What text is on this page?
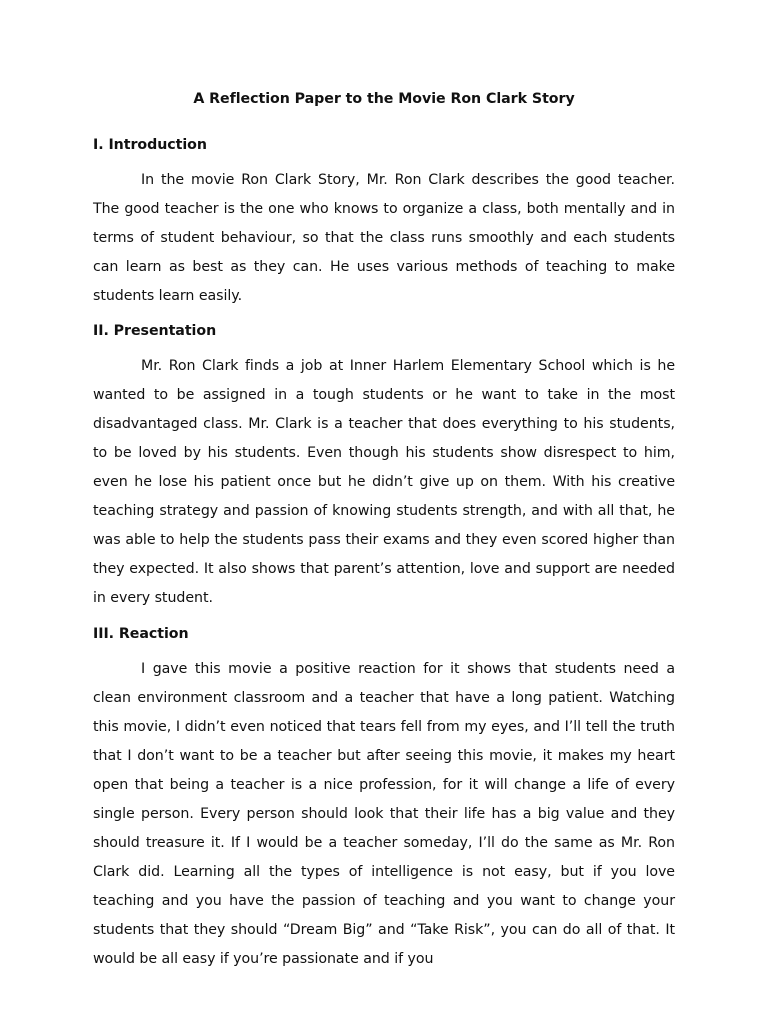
A Reflection Paper to the Movie Ron Clark Story
I. Introduction

In the movie Ron Clark Story, Mr. Ron Clark describes the good teacher. The good teacher is the one who knows to organize a class, both mentally and in terms of student behaviour, so that the class runs smoothly and each students can learn as best as they can. He uses various methods of teaching to make students learn easily.

II. Presentation

Mr. Ron Clark finds a job at Inner Harlem Elementary School which is he wanted to be assigned in a tough students or he want to take in the most disadvantaged class. Mr. Clark is a teacher that does everything to his students, to be loved by his students. Even though his students show disrespect to him, even he lose his patient once but he didn’t give up on them. With his creative teaching strategy and passion of knowing students strength, and with all that, he was able to help the students pass their exams and they even scored higher than they expected. It also shows that parent’s attention, love and support are needed in every student.

III. Reaction

I gave this movie a positive reaction for it shows that students need a clean environment classroom and a teacher that have a long patient. Watching this movie, I didn’t even noticed that tears fell from my eyes, and I’ll tell the truth that I don’t want to be a teacher but after seeing this movie, it makes my heart open that being a teacher is a nice profession, for it will change a life of every single person. Every person should look that their life has a big value and they should treasure it. If I would be a teacher someday, I’ll do the same as Mr. Ron Clark did. Learning all the types of intelligence is not easy, but if you love teaching and you have the passion of teaching and you want to change your students that they should “Dream Big” and “Take Risk”, you can do all of that. It would be all easy if you’re passionate and if you
